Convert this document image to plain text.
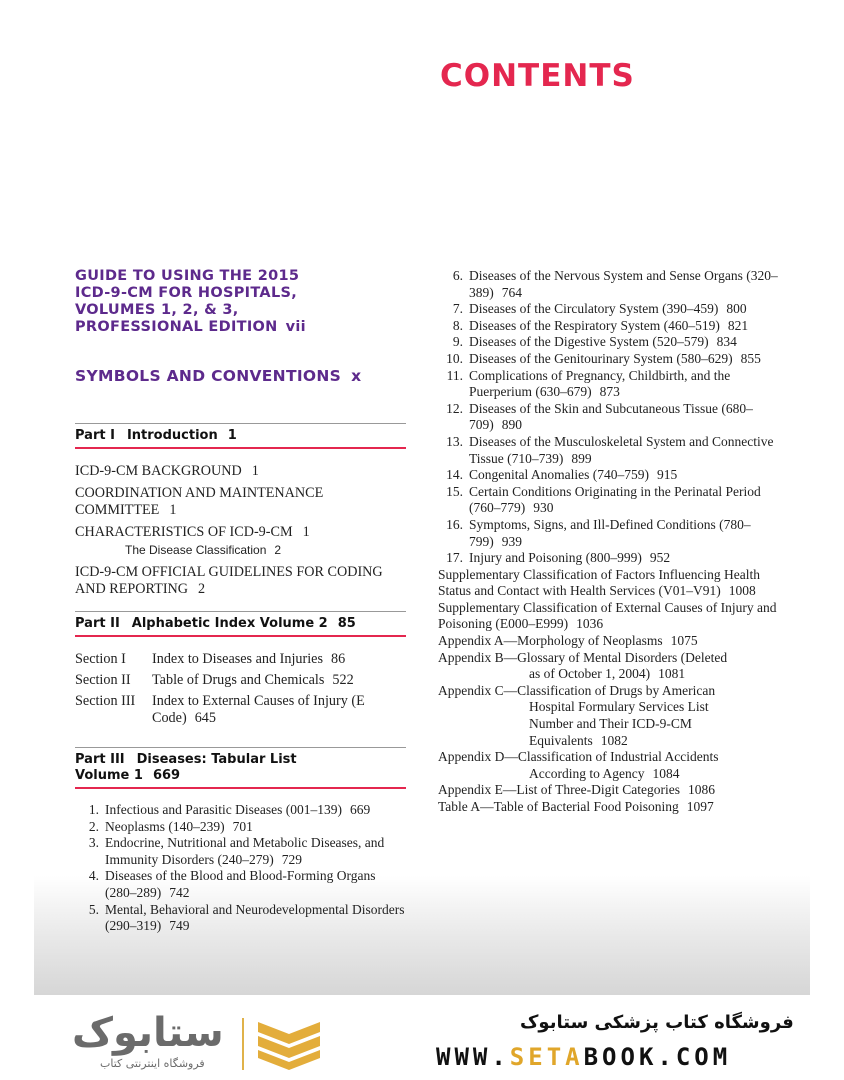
CONTENTS
GUIDE TO USING THE 2015
ICD-9-CM FOR HOSPITALS,
VOLUMES 1, 2, & 3,
PROFESSIONAL EDITION vii
SYMBOLS AND CONVENTIONS x
Part I Introduction 1
ICD-9-CM BACKGROUND 1
COORDINATION AND MAINTENANCE COMMITTEE 1
CHARACTERISTICS OF ICD-9-CM 1
The Disease Classification 2
ICD-9-CM OFFICIAL GUIDELINES FOR CODING AND REPORTING 2
Part II Alphabetic Index Volume 2 85
Section I	Index to Diseases and Injuries 86
Section II	Table of Drugs and Chemicals 522
Section III	Index to External Causes of Injury (E Code) 645
Part III Diseases: Tabular List
Volume 1 669
1. Infectious and Parasitic Diseases (001–139) 669
2. Neoplasms (140–239) 701
3. Endocrine, Nutritional and Metabolic Diseases, and Immunity Disorders (240–279) 729
4. Diseases of the Blood and Blood-Forming Organs (280–289) 742
5. Mental, Behavioral and Neurodevelopmental Disorders (290–319) 749
6. Diseases of the Nervous System and Sense Organs (320–389) 764
7. Diseases of the Circulatory System (390–459) 800
8. Diseases of the Respiratory System (460–519) 821
9. Diseases of the Digestive System (520–579) 834
10. Diseases of the Genitourinary System (580–629) 855
11. Complications of Pregnancy, Childbirth, and the Puerperium (630–679) 873
12. Diseases of the Skin and Subcutaneous Tissue (680–709) 890
13. Diseases of the Musculoskeletal System and Connective Tissue (710–739) 899
14. Congenital Anomalies (740–759) 915
15. Certain Conditions Originating in the Perinatal Period (760–779) 930
16. Symptoms, Signs, and Ill-Defined Conditions (780–799) 939
17. Injury and Poisoning (800–999) 952
Supplementary Classification of Factors Influencing Health Status and Contact with Health Services (V01–V91) 1008
Supplementary Classification of External Causes of Injury and Poisoning (E000–E999) 1036
Appendix A—Morphology of Neoplasms 1075
Appendix B—Glossary of Mental Disorders (Deleted
as of October 1, 2004) 1081
Appendix C—Classification of Drugs by American
Hospital Formulary Services List
Number and Their ICD-9-CM
Equivalents 1082
Appendix D—Classification of Industrial Accidents
According to Agency 1084
Appendix E—List of Three-Digit Categories 1086
Table A—Table of Bacterial Food Poisoning 1097
ستابوک
فروشگاه اینترنتی کتاب
فروشگاه کتاب پزشکی ستابوک
WWW.SETABOOK.COM
